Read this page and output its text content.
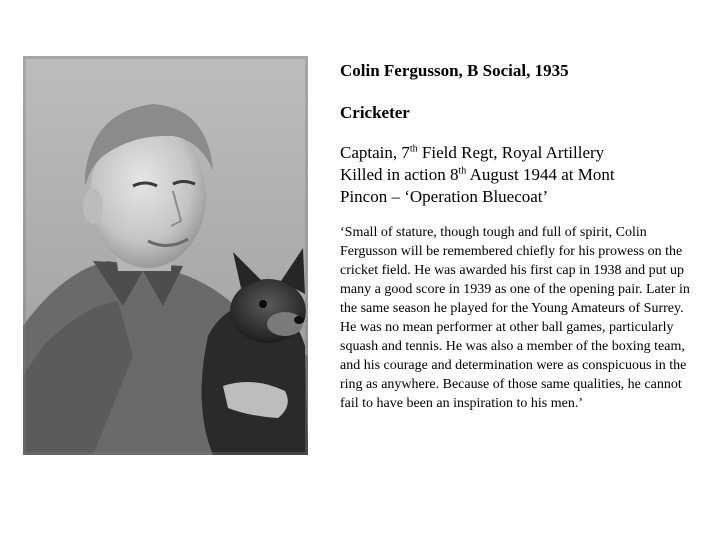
Colin Fergusson, B Social, 1935

Cricketer

Captain, 7th Field Regt, Royal Artillery

Killed in action 8th August 1944 at Mont

Pincon – ‘Operation Bluecoat’

‘Small of stature, though tough and full of spirit, Colin Fergusson will be remembered chiefly for his prowess on the cricket field. He was awarded his first cap in 1938 and put up many a good score in 1939 as one of the opening pair. Later in the same season he played for the Young Amateurs of Surrey. He was no mean performer at other ball games, particularly squash and tennis. He was also a member of the boxing team, and his courage and determination were as conspicuous in the ring as anywhere. Because of those same qualities, he cannot fail to have been an inspiration to his men.’
